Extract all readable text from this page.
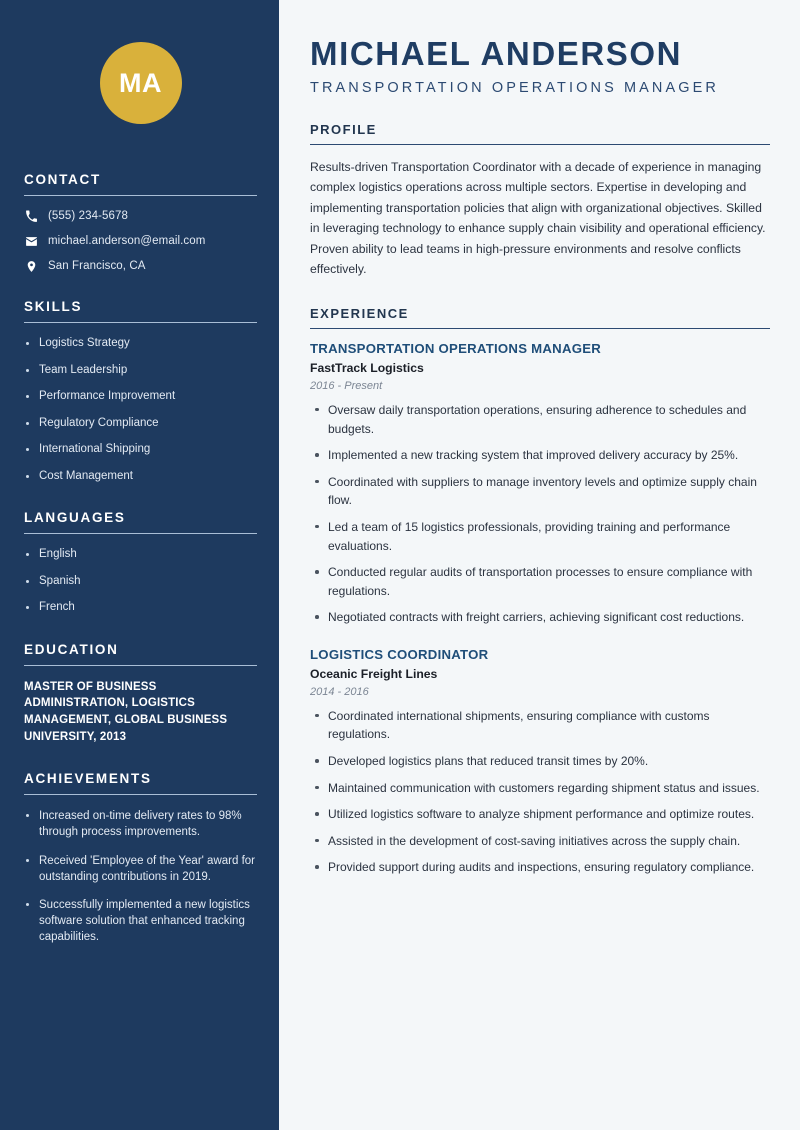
MA
CONTACT
(555) 234-5678
michael.anderson@email.com
San Francisco, CA
SKILLS
Logistics Strategy
Team Leadership
Performance Improvement
Regulatory Compliance
International Shipping
Cost Management
LANGUAGES
English
Spanish
French
EDUCATION
MASTER OF BUSINESS ADMINISTRATION, LOGISTICS MANAGEMENT, GLOBAL BUSINESS UNIVERSITY, 2013
ACHIEVEMENTS
Increased on-time delivery rates to 98% through process improvements.
Received 'Employee of the Year' award for outstanding contributions in 2019.
Successfully implemented a new logistics software solution that enhanced tracking capabilities.
MICHAEL ANDERSON
TRANSPORTATION OPERATIONS MANAGER
PROFILE

Results-driven Transportation Coordinator with a decade of experience in managing complex logistics operations across multiple sectors. Expertise in developing and implementing transportation policies that align with organizational objectives. Skilled in leveraging technology to enhance supply chain visibility and operational efficiency. Proven ability to lead teams in high-pressure environments and resolve conflicts effectively.

EXPERIENCE
TRANSPORTATION OPERATIONS MANAGER
FastTrack Logistics
2016 - Present
Oversaw daily transportation operations, ensuring adherence to schedules and budgets.
Implemented a new tracking system that improved delivery accuracy by 25%.
Coordinated with suppliers to manage inventory levels and optimize supply chain flow.
Led a team of 15 logistics professionals, providing training and performance evaluations.
Conducted regular audits of transportation processes to ensure compliance with regulations.
Negotiated contracts with freight carriers, achieving significant cost reductions.
LOGISTICS COORDINATOR
Oceanic Freight Lines
2014 - 2016
Coordinated international shipments, ensuring compliance with customs regulations.
Developed logistics plans that reduced transit times by 20%.
Maintained communication with customers regarding shipment status and issues.
Utilized logistics software to analyze shipment performance and optimize routes.
Assisted in the development of cost-saving initiatives across the supply chain.
Provided support during audits and inspections, ensuring regulatory compliance.
